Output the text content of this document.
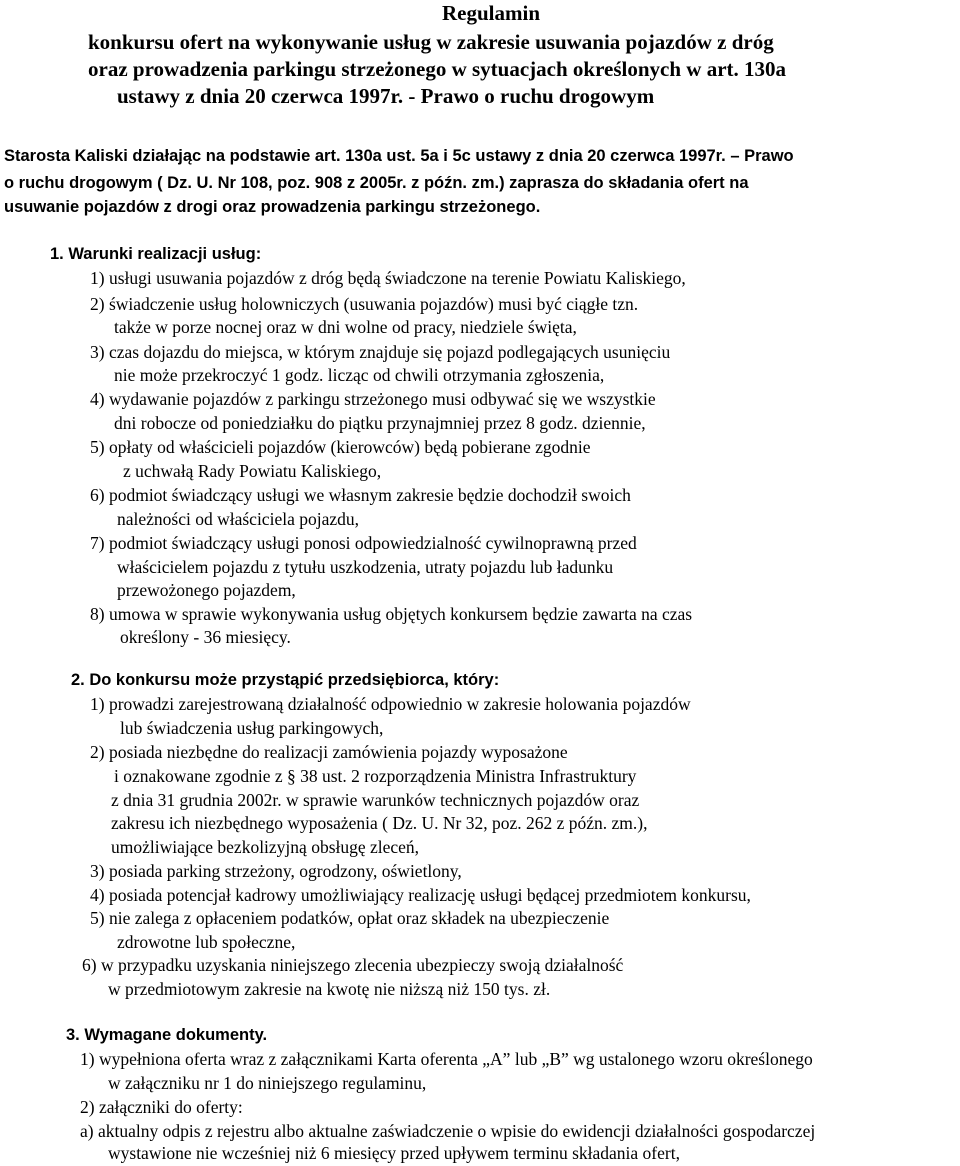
Regulamin
konkursu ofert na wykonywanie usług w zakresie usuwania pojazdów z dróg
oraz prowadzenia parkingu strzeżonego w sytuacjach określonych w art. 130a
ustawy z dnia 20 czerwca 1997r. - Prawo o ruchu drogowym
Starosta Kaliski działając na podstawie art. 130a ust. 5a i 5c ustawy z dnia 20 czerwca 1997r. – Prawo
o ruchu drogowym ( Dz. U. Nr 108, poz. 908 z 2005r. z późn. zm.) zaprasza do składania ofert na
usuwanie pojazdów z drogi oraz prowadzenia parkingu strzeżonego.
1. Warunki realizacji usług:
1) usługi usuwania pojazdów z dróg będą świadczone na terenie Powiatu Kaliskiego,
2) świadczenie usług holowniczych (usuwania pojazdów) musi być ciągłe tzn.
także w porze nocnej oraz w dni wolne od pracy, niedziele święta,
3) czas dojazdu do miejsca, w którym znajduje się pojazd podlegających usunięciu
nie może przekroczyć 1 godz. licząc od chwili otrzymania zgłoszenia,
4) wydawanie pojazdów z parkingu strzeżonego musi odbywać się we wszystkie
dni robocze od poniedziałku do piątku przynajmniej przez 8 godz. dziennie,
5) opłaty od właścicieli pojazdów (kierowców) będą pobierane zgodnie
z uchwałą Rady Powiatu Kaliskiego,
6) podmiot świadczący usługi we własnym zakresie będzie dochodził swoich
należności od właściciela pojazdu,
7) podmiot świadczący usługi ponosi odpowiedzialność cywilnoprawną przed
właścicielem pojazdu z tytułu uszkodzenia, utraty pojazdu lub ładunku
przewożonego pojazdem,
8) umowa w sprawie wykonywania usług objętych konkursem będzie zawarta na czas
określony - 36 miesięcy.
2. Do konkursu może przystąpić przedsiębiorca, który:
1) prowadzi zarejestrowaną działalność odpowiednio w zakresie holowania pojazdów
lub świadczenia usług parkingowych,
2) posiada niezbędne do realizacji zamówienia pojazdy wyposażone
i oznakowane zgodnie z § 38 ust. 2 rozporządzenia Ministra Infrastruktury
z dnia 31 grudnia 2002r. w sprawie warunków technicznych pojazdów oraz
zakresu ich niezbędnego wyposażenia ( Dz. U. Nr 32, poz. 262 z późn. zm.),
umożliwiające bezkolizyjną obsługę zleceń,
3) posiada parking strzeżony, ogrodzony, oświetlony,
4) posiada potencjał kadrowy umożliwiający realizację usługi będącej przedmiotem konkursu,
5) nie zalega z opłaceniem podatków, opłat oraz składek na ubezpieczenie
zdrowotne lub społeczne,
6) w przypadku uzyskania niniejszego zlecenia ubezpieczy swoją działalność
w przedmiotowym zakresie na kwotę nie niższą niż 150 tys. zł.
3. Wymagane dokumenty.
1) wypełniona oferta wraz z załącznikami Karta oferenta „A” lub „B” wg ustalonego wzoru określonego
w załączniku nr 1 do niniejszego regulaminu,
2) załączniki do oferty:
a) aktualny odpis z rejestru albo aktualne zaświadczenie o wpisie do ewidencji działalności gospodarczej
wystawione nie wcześniej niż 6 miesięcy przed upływem terminu składania ofert,
